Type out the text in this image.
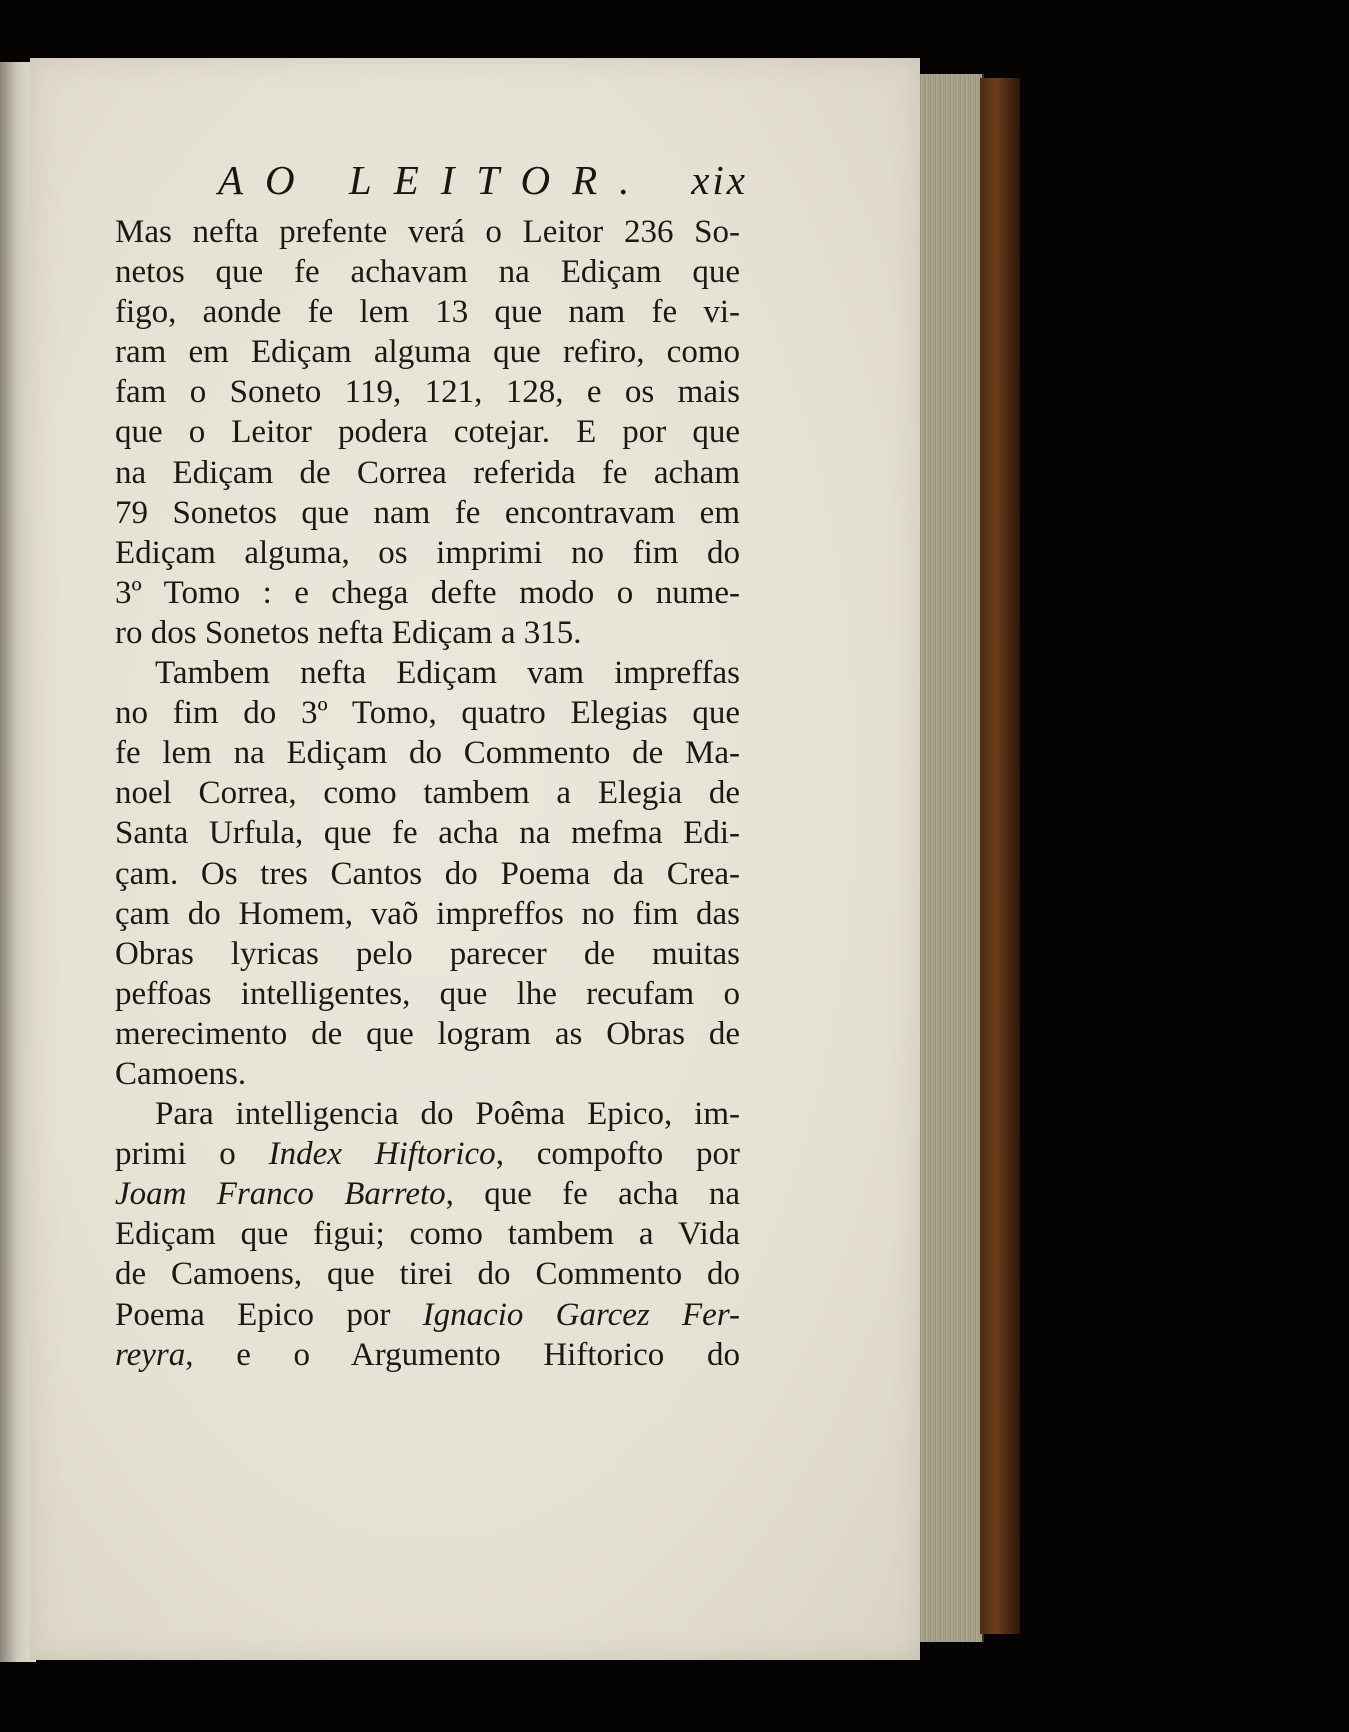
AO LEITOR. xix
Mas nefta prefente verá o Leitor 236 So-
netos que fe achavam na Ediçam que
figo, aonde fe lem 13 que nam fe vi-
ram em Ediçam alguma que refiro, como
fam o Soneto 119, 121, 128, e os mais
que o Leitor podera cotejar. E por que
na Ediçam de Correa referida fe acham
79 Sonetos que nam fe encontravam em
Ediçam alguma, os imprimi no fim do
3º Tomo : e chega defte modo o nume-
ro dos Sonetos nefta Ediçam a 315.
Tambem nefta Ediçam vam impreffas
no fim do 3º Tomo, quatro Elegias que
fe lem na Ediçam do Commento de Ma-
noel Correa, como tambem a Elegia de
Santa Urfula, que fe acha na mefma Edi-
çam. Os tres Cantos do Poema da Crea-
çam do Homem, vaõ impreffos no fim das
Obras lyricas pelo parecer de muitas
peffoas intelligentes, que lhe recufam o
merecimento de que logram as Obras de
Camoens.
Para intelligencia do Poêma Epico, im-
primi o Index Hiftorico, compofto por
Joam Franco Barreto, que fe acha na
Ediçam que figui; como tambem a Vida
de Camoens, que tirei do Commento do
Poema Epico por Ignacio Garcez Fer-
reyra, e o Argumento Hiftorico do
